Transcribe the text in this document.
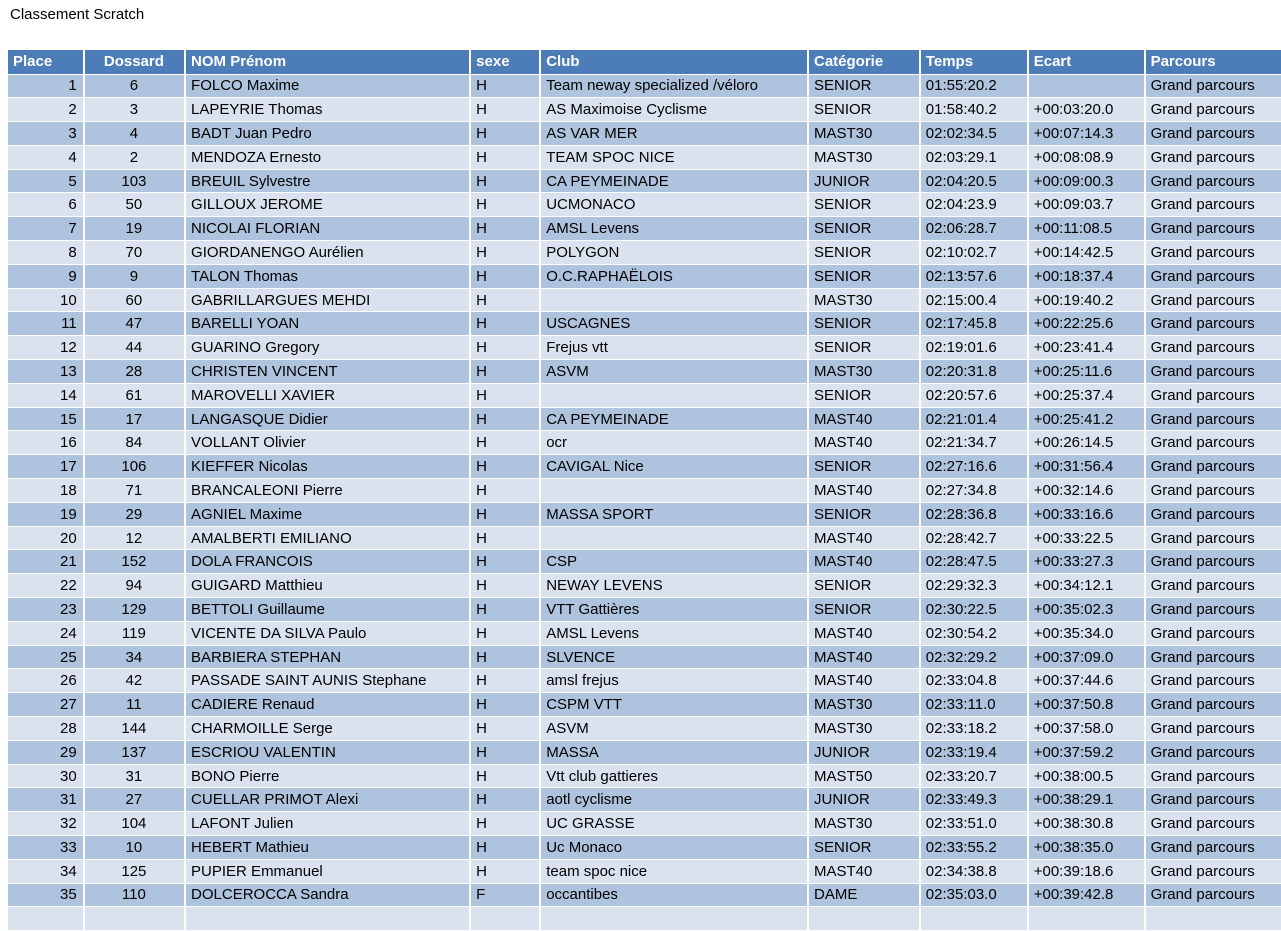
Classement Scratch
Place	Dossard	NOM Prénom	sexe	Club	Catégorie	Temps	Ecart	Parcours
1	6	FOLCO Maxime	H	Team neway specialized /véloro	SENIOR	01:55:20.2		Grand parcours
2	3	LAPEYRIE Thomas	H	AS Maximoise Cyclisme	SENIOR	01:58:40.2	+00:03:20.0	Grand parcours
3	4	BADT Juan Pedro	H	AS VAR MER	MAST30	02:02:34.5	+00:07:14.3	Grand parcours
4	2	MENDOZA Ernesto	H	TEAM SPOC NICE	MAST30	02:03:29.1	+00:08:08.9	Grand parcours
5	103	BREUIL Sylvestre	H	CA PEYMEINADE	JUNIOR	02:04:20.5	+00:09:00.3	Grand parcours
6	50	GILLOUX JEROME	H	UCMONACO	SENIOR	02:04:23.9	+00:09:03.7	Grand parcours
7	19	NICOLAI FLORIAN	H	AMSL Levens	SENIOR	02:06:28.7	+00:11:08.5	Grand parcours
8	70	GIORDANENGO Aurélien	H	POLYGON	SENIOR	02:10:02.7	+00:14:42.5	Grand parcours
9	9	TALON Thomas	H	O.C.RAPHAËLOIS	SENIOR	02:13:57.6	+00:18:37.4	Grand parcours
10	60	GABRILLARGUES MEHDI	H		MAST30	02:15:00.4	+00:19:40.2	Grand parcours
11	47	BARELLI YOAN	H	USCAGNES	SENIOR	02:17:45.8	+00:22:25.6	Grand parcours
12	44	GUARINO Gregory	H	Frejus vtt	SENIOR	02:19:01.6	+00:23:41.4	Grand parcours
13	28	CHRISTEN VINCENT	H	ASVM	MAST30	02:20:31.8	+00:25:11.6	Grand parcours
14	61	MAROVELLI XAVIER	H		SENIOR	02:20:57.6	+00:25:37.4	Grand parcours
15	17	LANGASQUE Didier	H	CA PEYMEINADE	MAST40	02:21:01.4	+00:25:41.2	Grand parcours
16	84	VOLLANT Olivier	H	ocr	MAST40	02:21:34.7	+00:26:14.5	Grand parcours
17	106	KIEFFER Nicolas	H	CAVIGAL Nice	SENIOR	02:27:16.6	+00:31:56.4	Grand parcours
18	71	BRANCALEONI Pierre	H		MAST40	02:27:34.8	+00:32:14.6	Grand parcours
19	29	AGNIEL Maxime	H	MASSA SPORT	SENIOR	02:28:36.8	+00:33:16.6	Grand parcours
20	12	AMALBERTI EMILIANO	H		MAST40	02:28:42.7	+00:33:22.5	Grand parcours
21	152	DOLA FRANCOIS	H	CSP	MAST40	02:28:47.5	+00:33:27.3	Grand parcours
22	94	GUIGARD Matthieu	H	NEWAY LEVENS	SENIOR	02:29:32.3	+00:34:12.1	Grand parcours
23	129	BETTOLI Guillaume	H	VTT Gattières	SENIOR	02:30:22.5	+00:35:02.3	Grand parcours
24	119	VICENTE DA SILVA Paulo	H	AMSL Levens	MAST40	02:30:54.2	+00:35:34.0	Grand parcours
25	34	BARBIERA STEPHAN	H	SLVENCE	MAST40	02:32:29.2	+00:37:09.0	Grand parcours
26	42	PASSADE SAINT AUNIS Stephane	H	amsl frejus	MAST40	02:33:04.8	+00:37:44.6	Grand parcours
27	11	CADIERE Renaud	H	CSPM VTT	MAST30	02:33:11.0	+00:37:50.8	Grand parcours
28	144	CHARMOILLE Serge	H	ASVM	MAST30	02:33:18.2	+00:37:58.0	Grand parcours
29	137	ESCRIOU VALENTIN	H	MASSA	JUNIOR	02:33:19.4	+00:37:59.2	Grand parcours
30	31	BONO Pierre	H	Vtt club gattieres	MAST50	02:33:20.7	+00:38:00.5	Grand parcours
31	27	CUELLAR PRIMOT Alexi	H	aotl cyclisme	JUNIOR	02:33:49.3	+00:38:29.1	Grand parcours
32	104	LAFONT Julien	H	UC GRASSE	MAST30	02:33:51.0	+00:38:30.8	Grand parcours
33	10	HEBERT Mathieu	H	Uc Monaco	SENIOR	02:33:55.2	+00:38:35.0	Grand parcours
34	125	PUPIER Emmanuel	H	team spoc nice	MAST40	02:34:38.8	+00:39:18.6	Grand parcours
35	110	DOLCEROCCA Sandra	F	occantibes	DAME	02:35:03.0	+00:39:42.8	Grand parcours
